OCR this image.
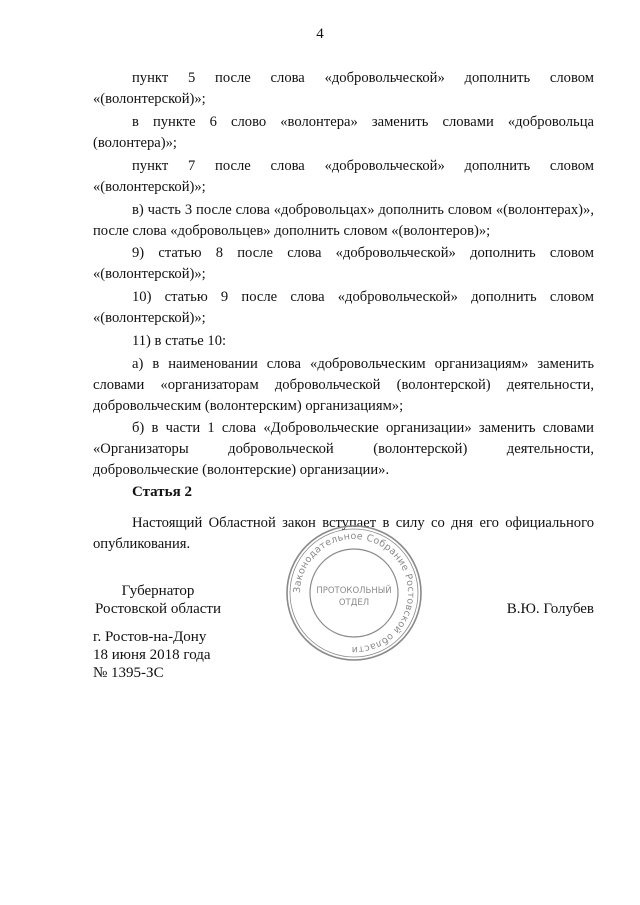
4

пункт 5 после слова «добровольческой» дополнить словом «(волонтерской)»;

в пункте 6 слово «волонтера» заменить словами «добровольца (волонтера)»;

пункт 7 после слова «добровольческой» дополнить словом «(волонтерской)»;

в) часть 3 после слова «добровольцах» дополнить словом «(волонтерах)», после слова «добровольцев» дополнить словом «(волонтеров)»;

9) статью 8 после слова «добровольческой» дополнить словом «(волонтерской)»;

10) статью 9 после слова «добровольческой» дополнить словом «(волонтерской)»;

11) в статье 10:

а) в наименовании слова «добровольческим организациям» заменить словами «организаторам добровольческой (волонтерской) деятельности, добровольческим (волонтерским) организациям»;

б) в части 1 слова «Добровольческие организации» заменить словами «Организаторы добровольческой (волонтерской) деятельности, добровольческие (волонтерские) организации».

Статья 2

Настоящий Областной закон вступает в силу со дня его официального опубликования.

Губернатор
Ростовской области
Законодательное Собрание Ростовской области
ПРОТОКОЛЬНЫЙ
ОТДЕЛ	В.Ю. Голубев
г. Ростов-на-Дону
18 июня 2018 года
№ 1395-ЗС
